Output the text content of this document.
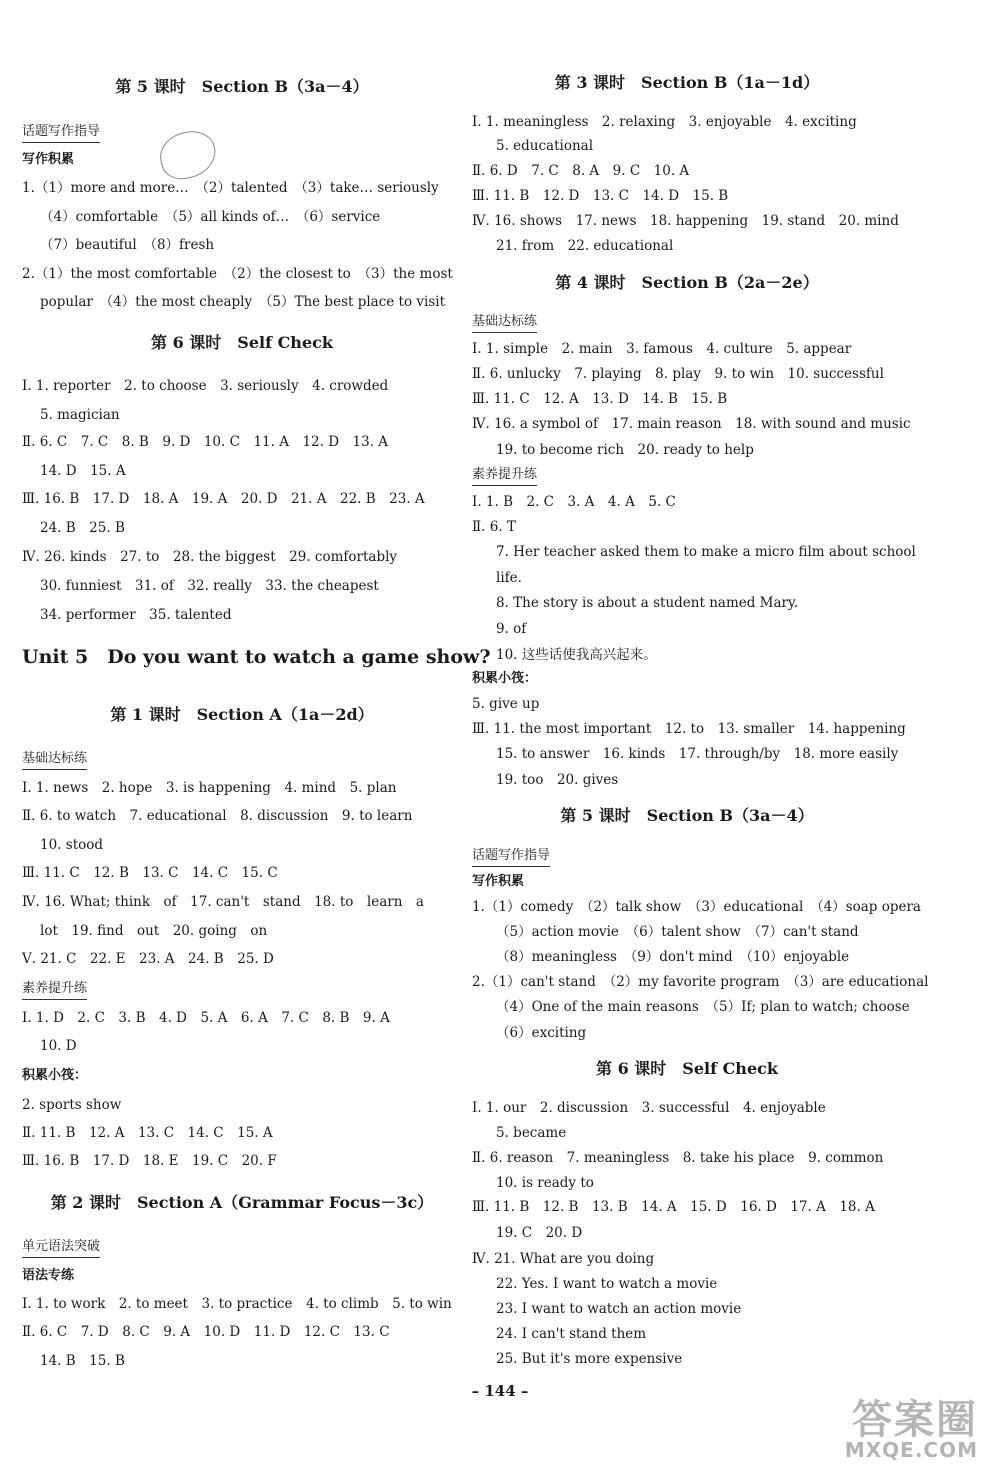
第 5 课时　Section B（3a－4）
话题写作指导
写作积累
1.（1）more and more…　（2）talented　（3）take… seriously
（4）comfortable　（5）all kinds of…　（6）service
（7）beautiful　（8）fresh
2.（1）the most comfortable　（2）the closest to　（3）the most
popular　（4）the most cheaply　（5）The best place to visit
第 6 课时　Self Check
Ⅰ. 1. reporter　2. to choose　3. seriously　4. crowded
5. magician
Ⅱ. 6. C　7. C　8. B　9. D　10. C　11. A　12. D　13. A
14. D　15. A
Ⅲ. 16. B　17. D　18. A　19. A　20. D　21. A　22. B　23. A
24. B　25. B
Ⅳ. 26. kinds　27. to　28. the biggest　29. comfortably
30. funniest　31. of　32. really　33. the cheapest
34. performer　35. talented
Unit 5　Do you want to watch a game show?
第 1 课时　Section A（1a－2d）
基础达标练
Ⅰ. 1. news　2. hope　3. is happening　4. mind　5. plan
Ⅱ. 6. to watch　7. educational　8. discussion　9. to learn
10. stood
Ⅲ. 11. C　12. B　13. C　14. C　15. C
Ⅳ. 16. What; think　of　17. can't　stand　18. to　learn　a
lot　19. find　out　20. going　on
Ⅴ. 21. C　22. E　23. A　24. B　25. D
素养提升练
Ⅰ. 1. D　2. C　3. B　4. D　5. A　6. A　7. C　8. B　9. A
10. D
积累小筏：
2. sports show
Ⅱ. 11. B　12. A　13. C　14. C　15. A
Ⅲ. 16. B　17. D　18. E　19. C　20. F
第 2 课时　Section A（Grammar Focus－3c）
单元语法突破
语法专练
Ⅰ. 1. to work　2. to meet　3. to practice　4. to climb　5. to win
Ⅱ. 6. C　7. D　8. C　9. A　10. D　11. D　12. C　13. C
14. B　15. B
第 3 课时　Section B（1a－1d）
Ⅰ. 1. meaningless　2. relaxing　3. enjoyable　4. exciting
5. educational
Ⅱ. 6. D　7. C　8. A　9. C　10. A
Ⅲ. 11. B　12. D　13. C　14. D　15. B
Ⅳ. 16. shows　17. news　18. happening　19. stand　20. mind
21. from　22. educational
第 4 课时　Section B（2a－2e）
基础达标练
Ⅰ. 1. simple　2. main　3. famous　4. culture　5. appear
Ⅱ. 6. unlucky　7. playing　8. play　9. to win　10. successful
Ⅲ. 11. C　12. A　13. D　14. B　15. B
Ⅳ. 16. a symbol of　17. main reason　18. with sound and music
19. to become rich　20. ready to help
素养提升练
Ⅰ. 1. B　2. C　3. A　4. A　5. C
Ⅱ. 6. T
7. Her teacher asked them to make a micro film about school
life.
8. The story is about a student named Mary.
9. of
10. 这些话使我高兴起来。
积累小筏：
5. give up
Ⅲ. 11. the most important　12. to　13. smaller　14. happening
15. to answer　16. kinds　17. through/by　18. more easily
19. too　20. gives
第 5 课时　Section B（3a－4）
话题写作指导
写作积累
1.（1）comedy　（2）talk show　（3）educational　（4）soap opera
（5）action movie　（6）talent show　（7）can't stand
（8）meaningless　（9）don't mind　（10）enjoyable
2.（1）can't stand　（2）my favorite program　（3）are educational
（4）One of the main reasons　（5）If; plan to watch; choose
（6）exciting
第 6 课时　Self Check
Ⅰ. 1. our　2. discussion　3. successful　4. enjoyable
5. became
Ⅱ. 6. reason　7. meaningless　8. take his place　9. common
10. is ready to
Ⅲ. 11. B　12. B　13. B　14. A　15. D　16. D　17. A　18. A
19. C　20. D
Ⅳ. 21. What are you doing
22. Yes. I want to watch a movie
23. I want to watch an action movie
24. I can't stand them
25. But it's more expensive
– 144 –
答案圈
MXQE.COM
